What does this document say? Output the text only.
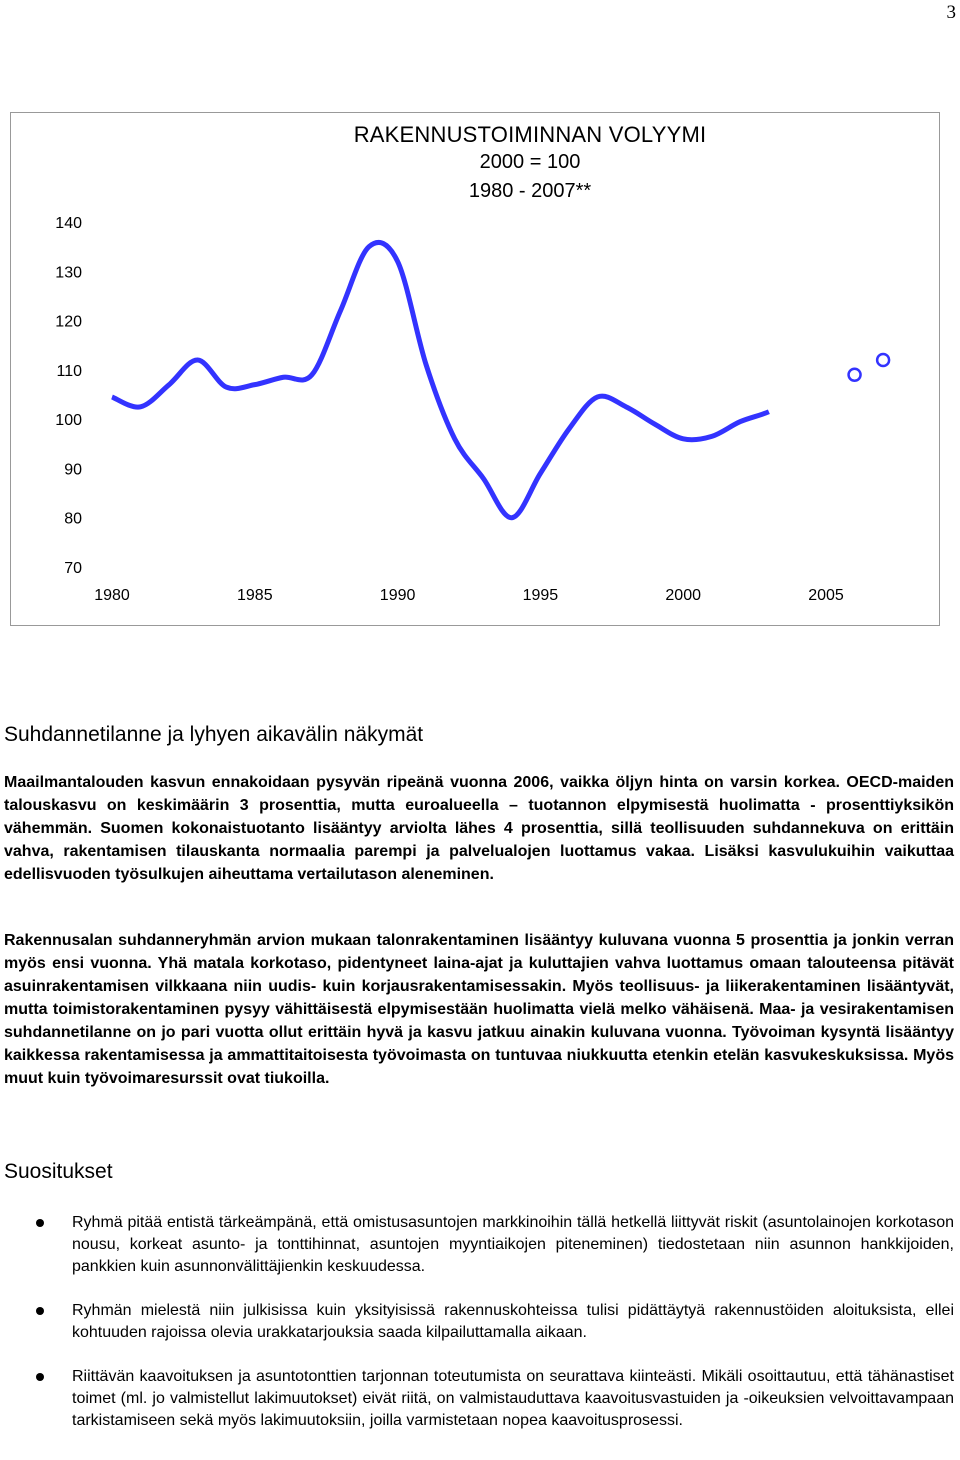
3
140
130
120
110
100
90
80
70
1980	1985	1990	1995	2000	2005
RAKENNUSTOIMINNAN VOLYYMI
2000 = 100
1980 - 2007**
Suhdannetilanne ja lyhyen aikavälin näkymät

Maailmantalouden kasvun ennakoidaan pysyvän ripeänä vuonna 2006, vaikka öljyn hinta on varsin korkea. OECD-maiden talouskasvu on keskimäärin 3 prosenttia, mutta euroalueella – tuotannon elpymisestä huolimatta - prosenttiyksikön vähemmän. Suomen kokonaistuotanto lisääntyy arviolta lähes 4 prosenttia, sillä teollisuuden suhdannekuva on erittäin vahva, rakentamisen tilauskanta normaalia parempi ja palvelualojen luottamus vakaa. Lisäksi kasvulukuihin vaikuttaa edellisvuoden työsulkujen aiheuttama vertailutason aleneminen.

Rakennusalan suhdanneryhmän arvion mukaan talonrakentaminen lisääntyy kuluvana vuonna 5 prosenttia ja jonkin verran myös ensi vuonna. Yhä matala korkotaso, pidentyneet laina-ajat ja kuluttajien vahva luottamus omaan talouteensa pitävät asuinrakentamisen vilkkaana niin uudis- kuin korjausrakentamisessakin. Myös teollisuus- ja liikerakentaminen lisääntyvät, mutta toimistorakentaminen pysyy vähittäisestä elpymisestään huolimatta vielä melko vähäisenä. Maa- ja vesirakentamisen suhdannetilanne on jo pari vuotta ollut erittäin hyvä ja kasvu jatkuu ainakin kuluvana vuonna. Työvoiman kysyntä lisääntyy kaikkessa rakentamisessa ja ammattitaitoisesta työvoimasta on tuntuvaa niukkuutta etenkin etelän kasvukeskuksissa. Myös muut kuin työvoimaresurssit ovat tiukoilla.

Suositukset
Ryhmä pitää entistä tärkeämpänä, että omistusasuntojen markkinoihin tällä hetkellä liittyvät riskit (asuntolainojen korkotason nousu, korkeat asunto- ja tonttihinnat, asuntojen myyntiaikojen piteneminen) tiedostetaan niin asunnon hankkijoiden, pankkien kuin asunnonvälittäjienkin keskuudessa.
Ryhmän mielestä niin julkisissa kuin yksityisissä rakennuskohteissa tulisi pidättäytyä rakennustöiden aloituksista, ellei kohtuuden rajoissa olevia urakkatarjouksia saada kilpailuttamalla aikaan.
Riittävän kaavoituksen ja asuntotonttien tarjonnan toteutumista on seurattava kiinteästi. Mikäli osoittautuu, että tähänastiset toimet (ml. jo valmistellut lakimuutokset) eivät riitä, on valmistauduttava kaavoitusvastuiden ja -oikeuksien velvoittavampaan tarkistamiseen sekä myös lakimuutoksiin, joilla varmistetaan nopea kaavoitusprosessi.
